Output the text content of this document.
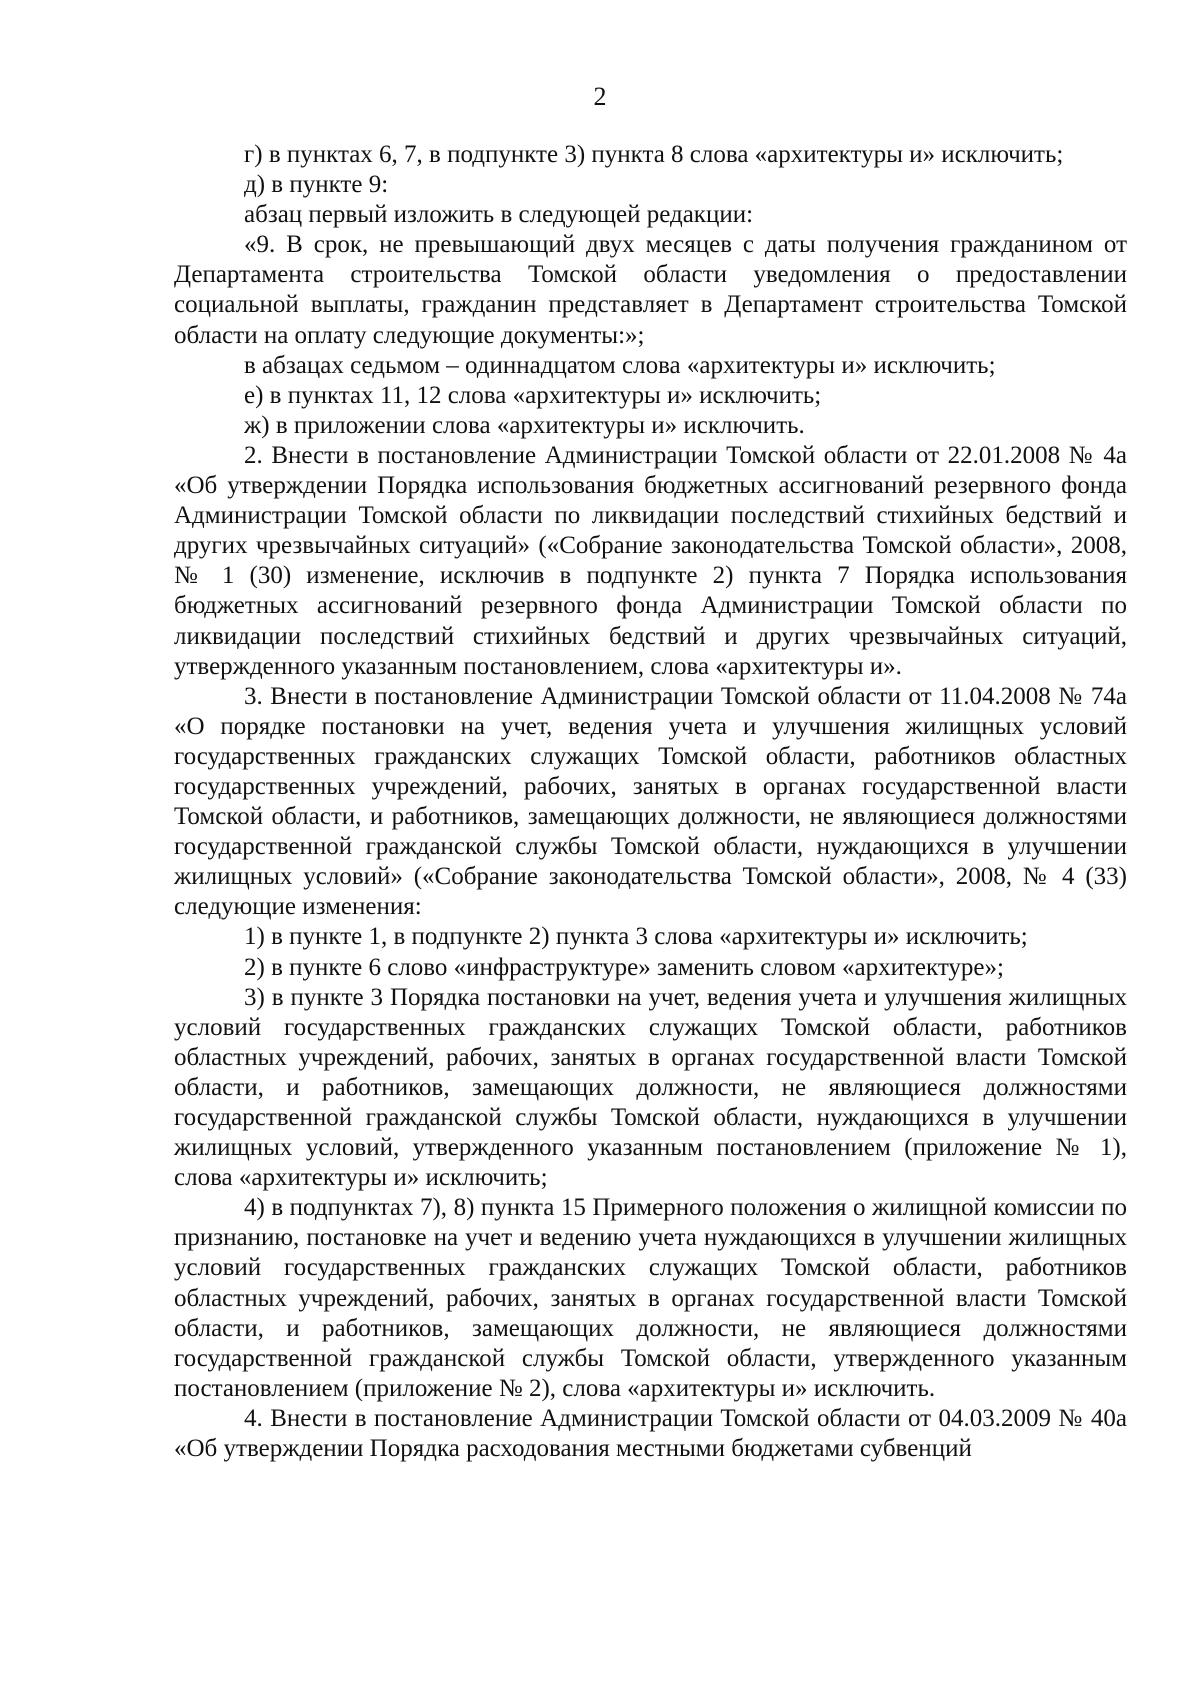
2

г) в пунктах 6, 7, в подпункте 3) пункта 8 слова «архитектуры и» исключить;

д) в пункте 9:

абзац первый изложить в следующей редакции:

«9. В срок, не превышающий двух месяцев с даты получения гражданином от Департамента строительства Томской области уведомления о предоставлении социальной выплаты, гражданин представляет в Департамент строительства Томской области на оплату следующие документы:»;

в абзацах седьмом – одиннадцатом слова «архитектуры и» исключить;

е) в пунктах 11, 12 слова «архитектуры и» исключить;

ж) в приложении слова «архитектуры и» исключить.

2. Внести в постановление Администрации Томской области от 22.01.2008 № 4а «Об утверждении Порядка использования бюджетных ассигнований резервного фонда Администрации Томской области по ликвидации последствий стихийных бедствий и других чрезвычайных ситуаций» («Собрание законодательства Томской области», 2008, № 1 (30) изменение, исключив в подпункте 2) пункта 7 Порядка использования бюджетных ассигнований резервного фонда Администрации Томской области по ликвидации последствий стихийных бедствий и других чрезвычайных ситуаций, утвержденного указанным постановлением, слова «архитектуры и».

3. Внести в постановление Администрации Томской области от 11.04.2008 № 74а «О порядке постановки на учет, ведения учета и улучшения жилищных условий государственных гражданских служащих Томской области, работников областных государственных учреждений, рабочих, занятых в органах государственной власти Томской области, и работников, замещающих должности, не являющиеся должностями государственной гражданской службы Томской области, нуждающихся в улучшении жилищных условий» («Собрание законодательства Томской области», 2008, № 4 (33) следующие изменения:

1) в пункте 1, в подпункте 2) пункта 3 слова «архитектуры и» исключить;

2) в пункте 6 слово «инфраструктуре» заменить словом «архитектуре»;

3) в пункте 3 Порядка постановки на учет, ведения учета и улучшения жилищных условий государственных гражданских служащих Томской области, работников областных учреждений, рабочих, занятых в органах государственной власти Томской области, и работников, замещающих должности, не являющиеся должностями государственной гражданской службы Томской области, нуждающихся в улучшении жилищных условий, утвержденного указанным постановлением (приложение № 1), слова «архитектуры и» исключить;

4) в подпунктах 7), 8) пункта 15 Примерного положения о жилищной комиссии по признанию, постановке на учет и ведению учета нуждающихся в улучшении жилищных условий государственных гражданских служащих Томской области, работников областных учреждений, рабочих, занятых в органах государственной власти Томской области, и работников, замещающих должности, не являющиеся должностями государственной гражданской службы Томской области, утвержденного указанным постановлением (приложение № 2), слова «архитектуры и» исключить.

4. Внести в постановление Администрации Томской области от 04.03.2009 № 40а «Об утверждении Порядка расходования местными бюджетами субвенций
